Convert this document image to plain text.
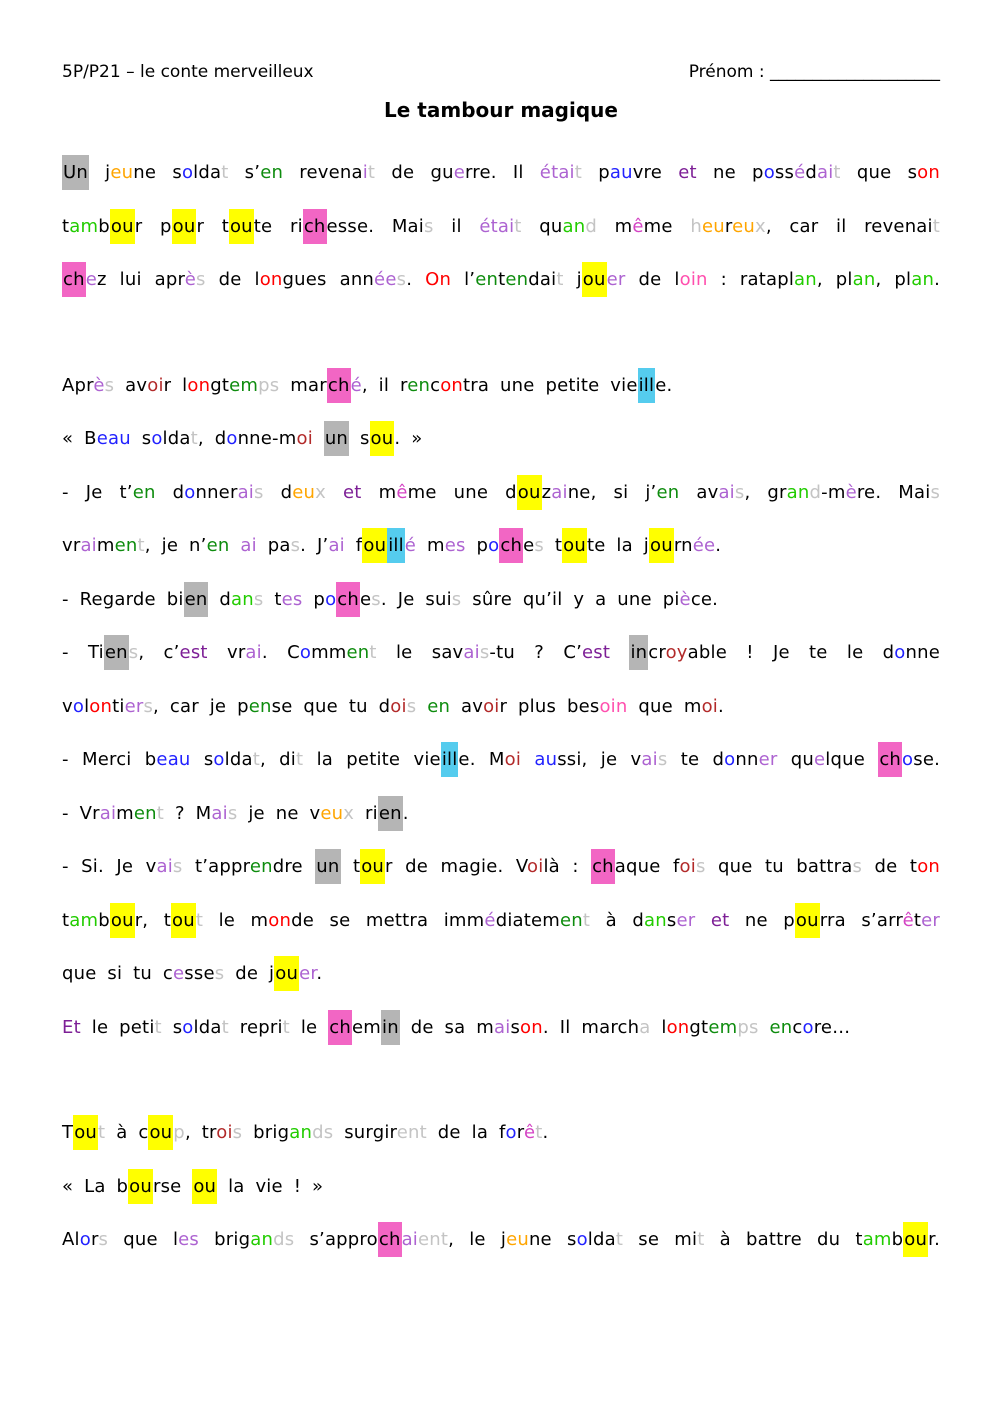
5P/P21 – le conte merveilleux	Prénom : ____________________
Le tambour magique
Un jeune soldat s’en revenait de guerre. Il était pauvre et ne possédait que son
tambour pour toute richesse. Mais il était quand même heureux, car il revenait
chez lui après de longues années. On l’entendait jouer de loin : rataplan, plan, plan.
Après avoir longtemps marché, il rencontra une petite vieille.
« Beau soldat, donne-moi un sou. »
- Je t’en donnerais deux et même une douzaine, si j’en avais, grand-mère. Mais
vraiment, je n’en ai pas. J’ai fou illé mes poches toute la journée.
- Regarde bien dans tes poches. Je suis sûre qu’il y a une pièce.
- Tiens, c’est vrai. Comment le savais-tu ? C’est incroyable ! Je te le donne
volontiers, car je pense que tu dois en avoir plus besoin que moi.
- Merci beau soldat, dit la petite vieille. Moi aussi, je vais te donner quelque chose.
- Vraiment ? Mais je ne veux rien.
- Si. Je vais t’apprendre un tour de magie. Voilà : chaque fois que tu battras de ton
tambour, tout le monde se mettra immédiatement à danser et ne pourra s’arrêter
que si tu cesses de jouer.
Et le petit soldat reprit le chemin de sa maison. Il marcha longtemps encore…
Tout à coup, trois brigands surgirent de la forêt.
« La bourse ou la vie ! »
Alors que les brigands s’approchaient, le jeune soldat se mit à battre du tambour.
